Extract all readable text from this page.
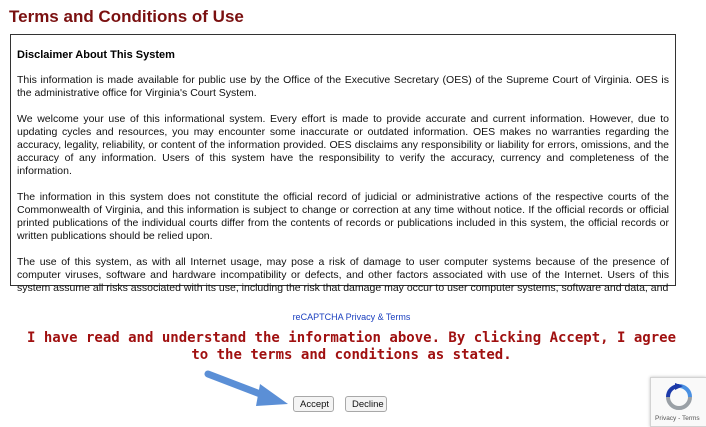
Terms and Conditions of Use
Disclaimer About This System

This information is made available for public use by the Office of the Executive Secretary (OES) of the Supreme Court of Virginia. OES is the administrative office for Virginia's Court System.

We welcome your use of this informational system. Every effort is made to provide accurate and current information. However, due to updating cycles and resources, you may encounter some inaccurate or outdated information. OES makes no warranties regarding the accuracy, legality, reliability, or content of the information provided. OES disclaims any responsibility or liability for errors, omissions, and the accuracy of any information. Users of this system have the responsibility to verify the accuracy, currency and completeness of the information.

The information in this system does not constitute the official record of judicial or administrative actions of the respective courts of the Commonwealth of Virginia, and this information is subject to change or correction at any time without notice. If the official records or official printed publications of the individual courts differ from the contents of records or publications included in this system, the official records or written publications should be relied upon.

The use of this system, as with all Internet usage, may pose a risk of damage to user computer systems because of the presence of computer viruses, software and hardware incompatibility or defects, and other factors associated with use of the Internet. Users of this system assume all risks associated with its use, including the risk that damage may occur to user computer systems, software and data, and

reCAPTCHA Privacy & Terms

I have read and understand the information above. By clicking Accept, I agree to the terms and conditions as stated.

Accept	Decline
Privacy - Terms
